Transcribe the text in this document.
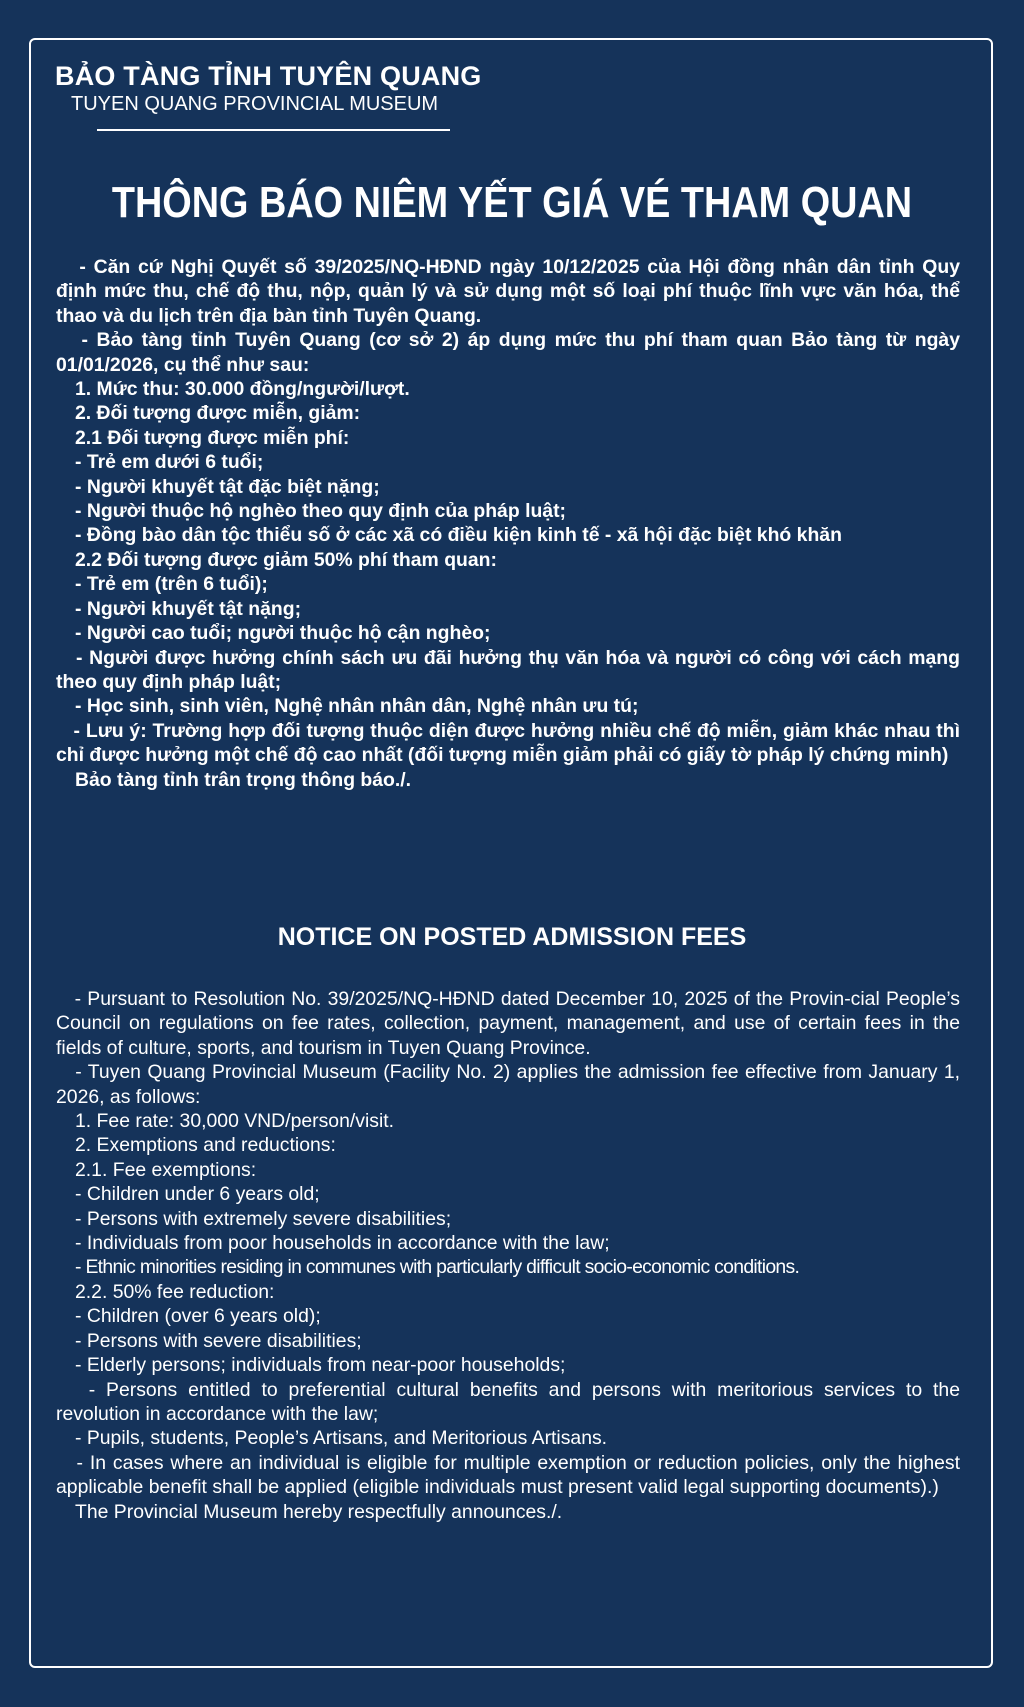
BẢO TÀNG TỈNH TUYÊN QUANG
TUYEN QUANG PROVINCIAL MUSEUM
THÔNG BÁO NIÊM YẾT GIÁ VÉ THAM QUAN

- Căn cứ Nghị Quyết số 39/2025/NQ-HĐND ngày 10/12/2025 của Hội đồng nhân dân tỉnh Quy định mức thu, chế độ thu, nộp, quản lý và sử dụng một số loại phí thuộc lĩnh vực văn hóa, thể thao và du lịch trên địa bàn tỉnh Tuyên Quang.

- Bảo tàng tỉnh Tuyên Quang (cơ sở 2) áp dụng mức thu phí tham quan Bảo tàng từ ngày 01/01/2026, cụ thể như sau:

1. Mức thu: 30.000 đồng/người/lượt.

2. Đối tượng được miễn, giảm:

2.1 Đối tượng được miễn phí:

- Trẻ em dưới 6 tuổi;

- Người khuyết tật đặc biệt nặng;

- Người thuộc hộ nghèo theo quy định của pháp luật;

- Đồng bào dân tộc thiểu số ở các xã có điều kiện kinh tế - xã hội đặc biệt khó khăn

2.2 Đối tượng được giảm 50% phí tham quan:

- Trẻ em (trên 6 tuổi);

- Người khuyết tật nặng;

- Người cao tuổi; người thuộc hộ cận nghèo;

- Người được hưởng chính sách ưu đãi hưởng thụ văn hóa và người có công với cách mạng theo quy định pháp luật;

- Học sinh, sinh viên, Nghệ nhân nhân dân, Nghệ nhân ưu tú;

- Lưu ý: Trường hợp đối tượng thuộc diện được hưởng nhiều chế độ miễn, giảm khác nhau thì chỉ được hưởng một chế độ cao nhất (đối tượng miễn giảm phải có giấy tờ pháp lý chứng minh)

Bảo tàng tỉnh trân trọng thông báo./.

NOTICE ON POSTED ADMISSION FEES

- Pursuant to Resolution No. 39/2025/NQ-HĐND dated December 10, 2025 of the Provin-cial People’s Council on regulations on fee rates, collection, payment, management, and use of certain fees in the fields of culture, sports, and tourism in Tuyen Quang Province.

- Tuyen Quang Provincial Museum (Facility No. 2) applies the admission fee effective from January 1, 2026, as follows:

1. Fee rate: 30,000 VND/person/visit.

2. Exemptions and reductions:

2.1. Fee exemptions:

- Children under 6 years old;

- Persons with extremely severe disabilities;

- Individuals from poor households in accordance with the law;

- Ethnic minorities residing in communes with particularly difficult socio-economic conditions.

2.2. 50% fee reduction:

- Children (over 6 years old);

- Persons with severe disabilities;

- Elderly persons; individuals from near-poor households;

- Persons entitled to preferential cultural benefits and persons with meritorious services to the revolution in accordance with the law;

- Pupils, students, People’s Artisans, and Meritorious Artisans.

- In cases where an individual is eligible for multiple exemption or reduction policies, only the highest applicable benefit shall be applied (eligible individuals must present valid legal supporting documents).)

The Provincial Museum hereby respectfully announces./.
